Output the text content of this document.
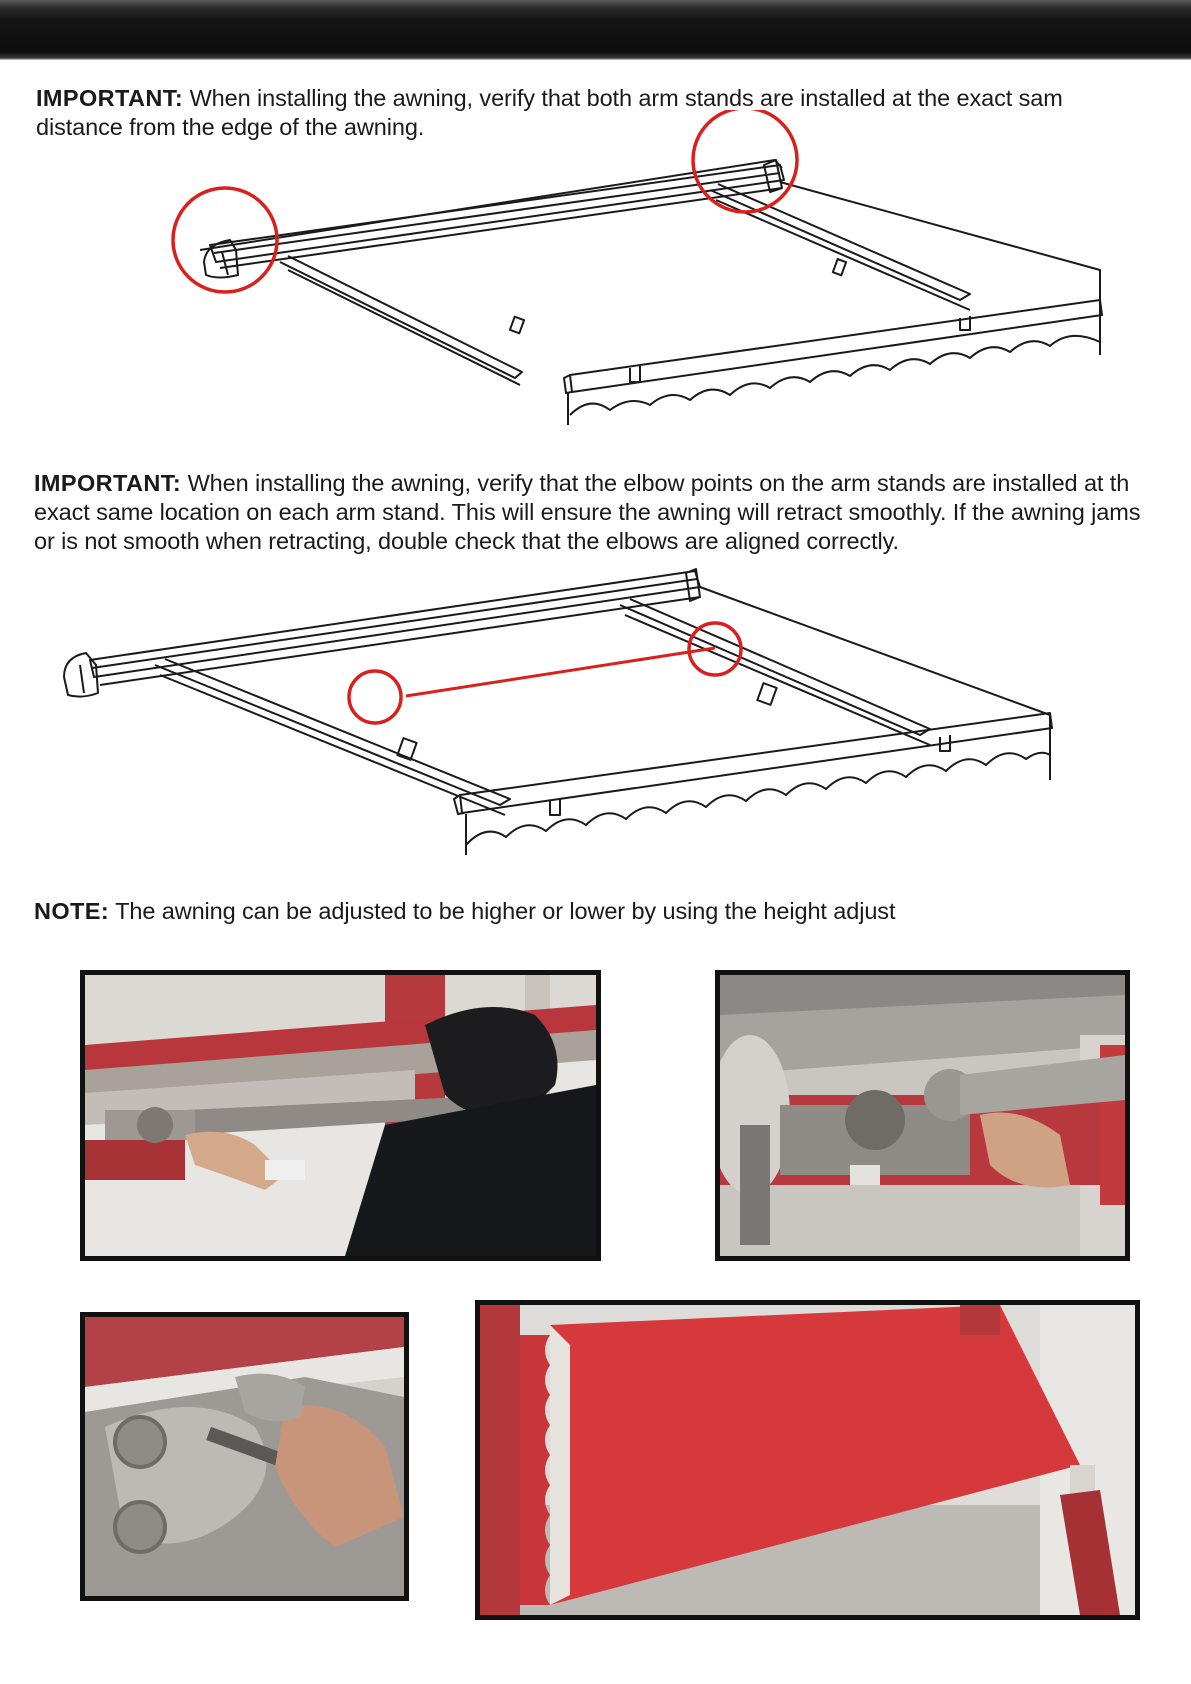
IMPORTANT: When installing the awning, verify that both arm stands are installed at the exact sam
distance from the edge of the awning.
IMPORTANT: When installing the awning, verify that the elbow points on the arm stands are installed at th
exact same location on each arm stand. This will ensure the awning will retract smoothly. If the awning jams
or is not smooth when retracting, double check that the elbows are aligned correctly.
NOTE: The awning can be adjusted to be higher or lower by using the height adjust
